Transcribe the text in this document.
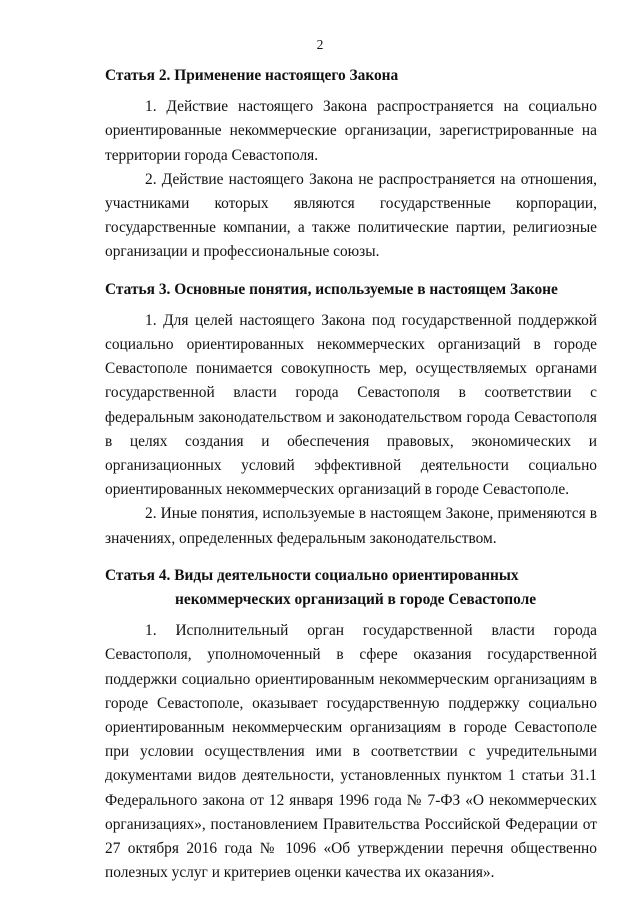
2
Статья 2. Применение настоящего Закона

1. Действие настоящего Закона распространяется на социально ориентированные некоммерческие организации, зарегистрированные на территории города Севастополя.

2. Действие настоящего Закона не распространяется на отношения, участниками которых являются государственные корпорации, государственные компании, а также политические партии, религиозные организации и профессиональные союзы.

Статья 3. Основные понятия, используемые в настоящем Законе

1. Для целей настоящего Закона под государственной поддержкой социально ориентированных некоммерческих организаций в городе Севастополе понимается совокупность мер, осуществляемых органами государственной власти города Севастополя в соответствии с федеральным законодательством и законодательством города Севастополя в целях создания и обеспечения правовых, экономических и организационных условий эффективной деятельности социально ориентированных некоммерческих организаций в городе Севастополе.

2. Иные понятия, используемые в настоящем Законе, применяются в значениях, определенных федеральным законодательством.

Статья 4. Виды деятельности социально ориентированных
некоммерческих организаций в городе Севастополе

1. Исполнительный орган государственной власти города Севастополя, уполномоченный в сфере оказания государственной поддержки социально ориентированным некоммерческим организациям в городе Севастополе, оказывает государственную поддержку социально ориентированным некоммерческим организациям в городе Севастополе при условии осуществления ими в соответствии с учредительными документами видов деятельности, установленных пунктом 1 статьи 31.1 Федерального закона от 12 января 1996 года № 7-ФЗ «О некоммерческих организациях», постановлением Правительства Российской Федерации от 27 октября 2016 года № 1096 «Об утверждении перечня общественно полезных услуг и критериев оценки качества их оказания».
